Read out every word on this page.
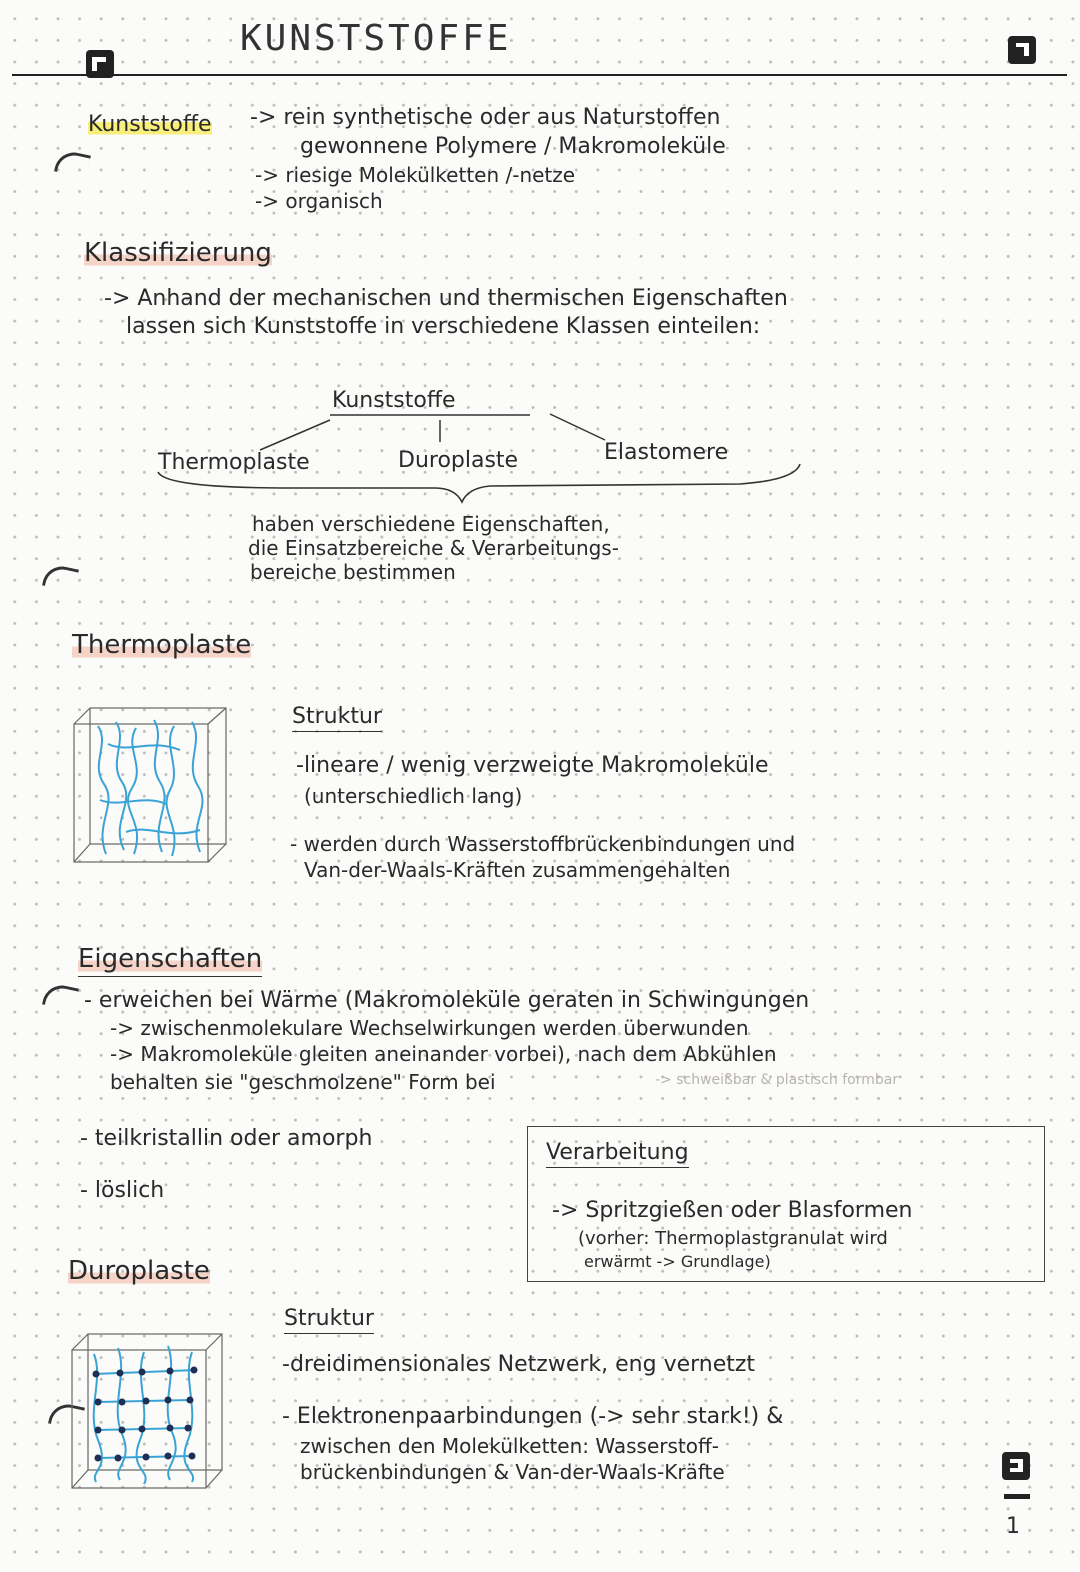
KUNSTSTOFFE
Kunststoffe -> rein synthetische oder aus Naturstoffen
gewonnene Polymere / Makromoleküle
-> riesige Molekülketten /-netze
-> organisch
Klassifizierung
-> Anhand der mechanischen und thermischen Eigenschaften
lassen sich Kunststoffe in verschiedene Klassen einteilen:
Kunststoffe
Thermoplaste	Duroplaste	Elastomere
haben verschiedene Eigenschaften,
die Einsatzbereiche & Verarbeitungs-
bereiche bestimmen
Thermoplaste
Struktur
-lineare / wenig verzweigte Makromoleküle
(unterschiedlich lang)
- werden durch Wasserstoffbrückenbindungen und
Van-der-Waals-Kräften zusammengehalten
Eigenschaften
- erweichen bei Wärme (Makromoleküle geraten in Schwingungen
-> zwischenmolekulare Wechselwirkungen werden überwunden
-> Makromoleküle gleiten aneinander vorbei), nach dem Abkühlen
behalten sie "geschmolzene" Form bei	-> schweißbar & plastisch formbar
- teilkristallin oder amorph
- löslich
Verarbeitung
-> Spritzgießen oder Blasformen
(vorher: Thermoplastgranulat wird
erwärmt -> Grundlage)
Duroplaste
Struktur
-dreidimensionales Netzwerk, eng vernetzt
- Elektronenpaarbindungen (-> sehr stark!) &
zwischen den Molekülketten: Wasserstoff-
brückenbindungen & Van-der-Waals-Kräfte
1
